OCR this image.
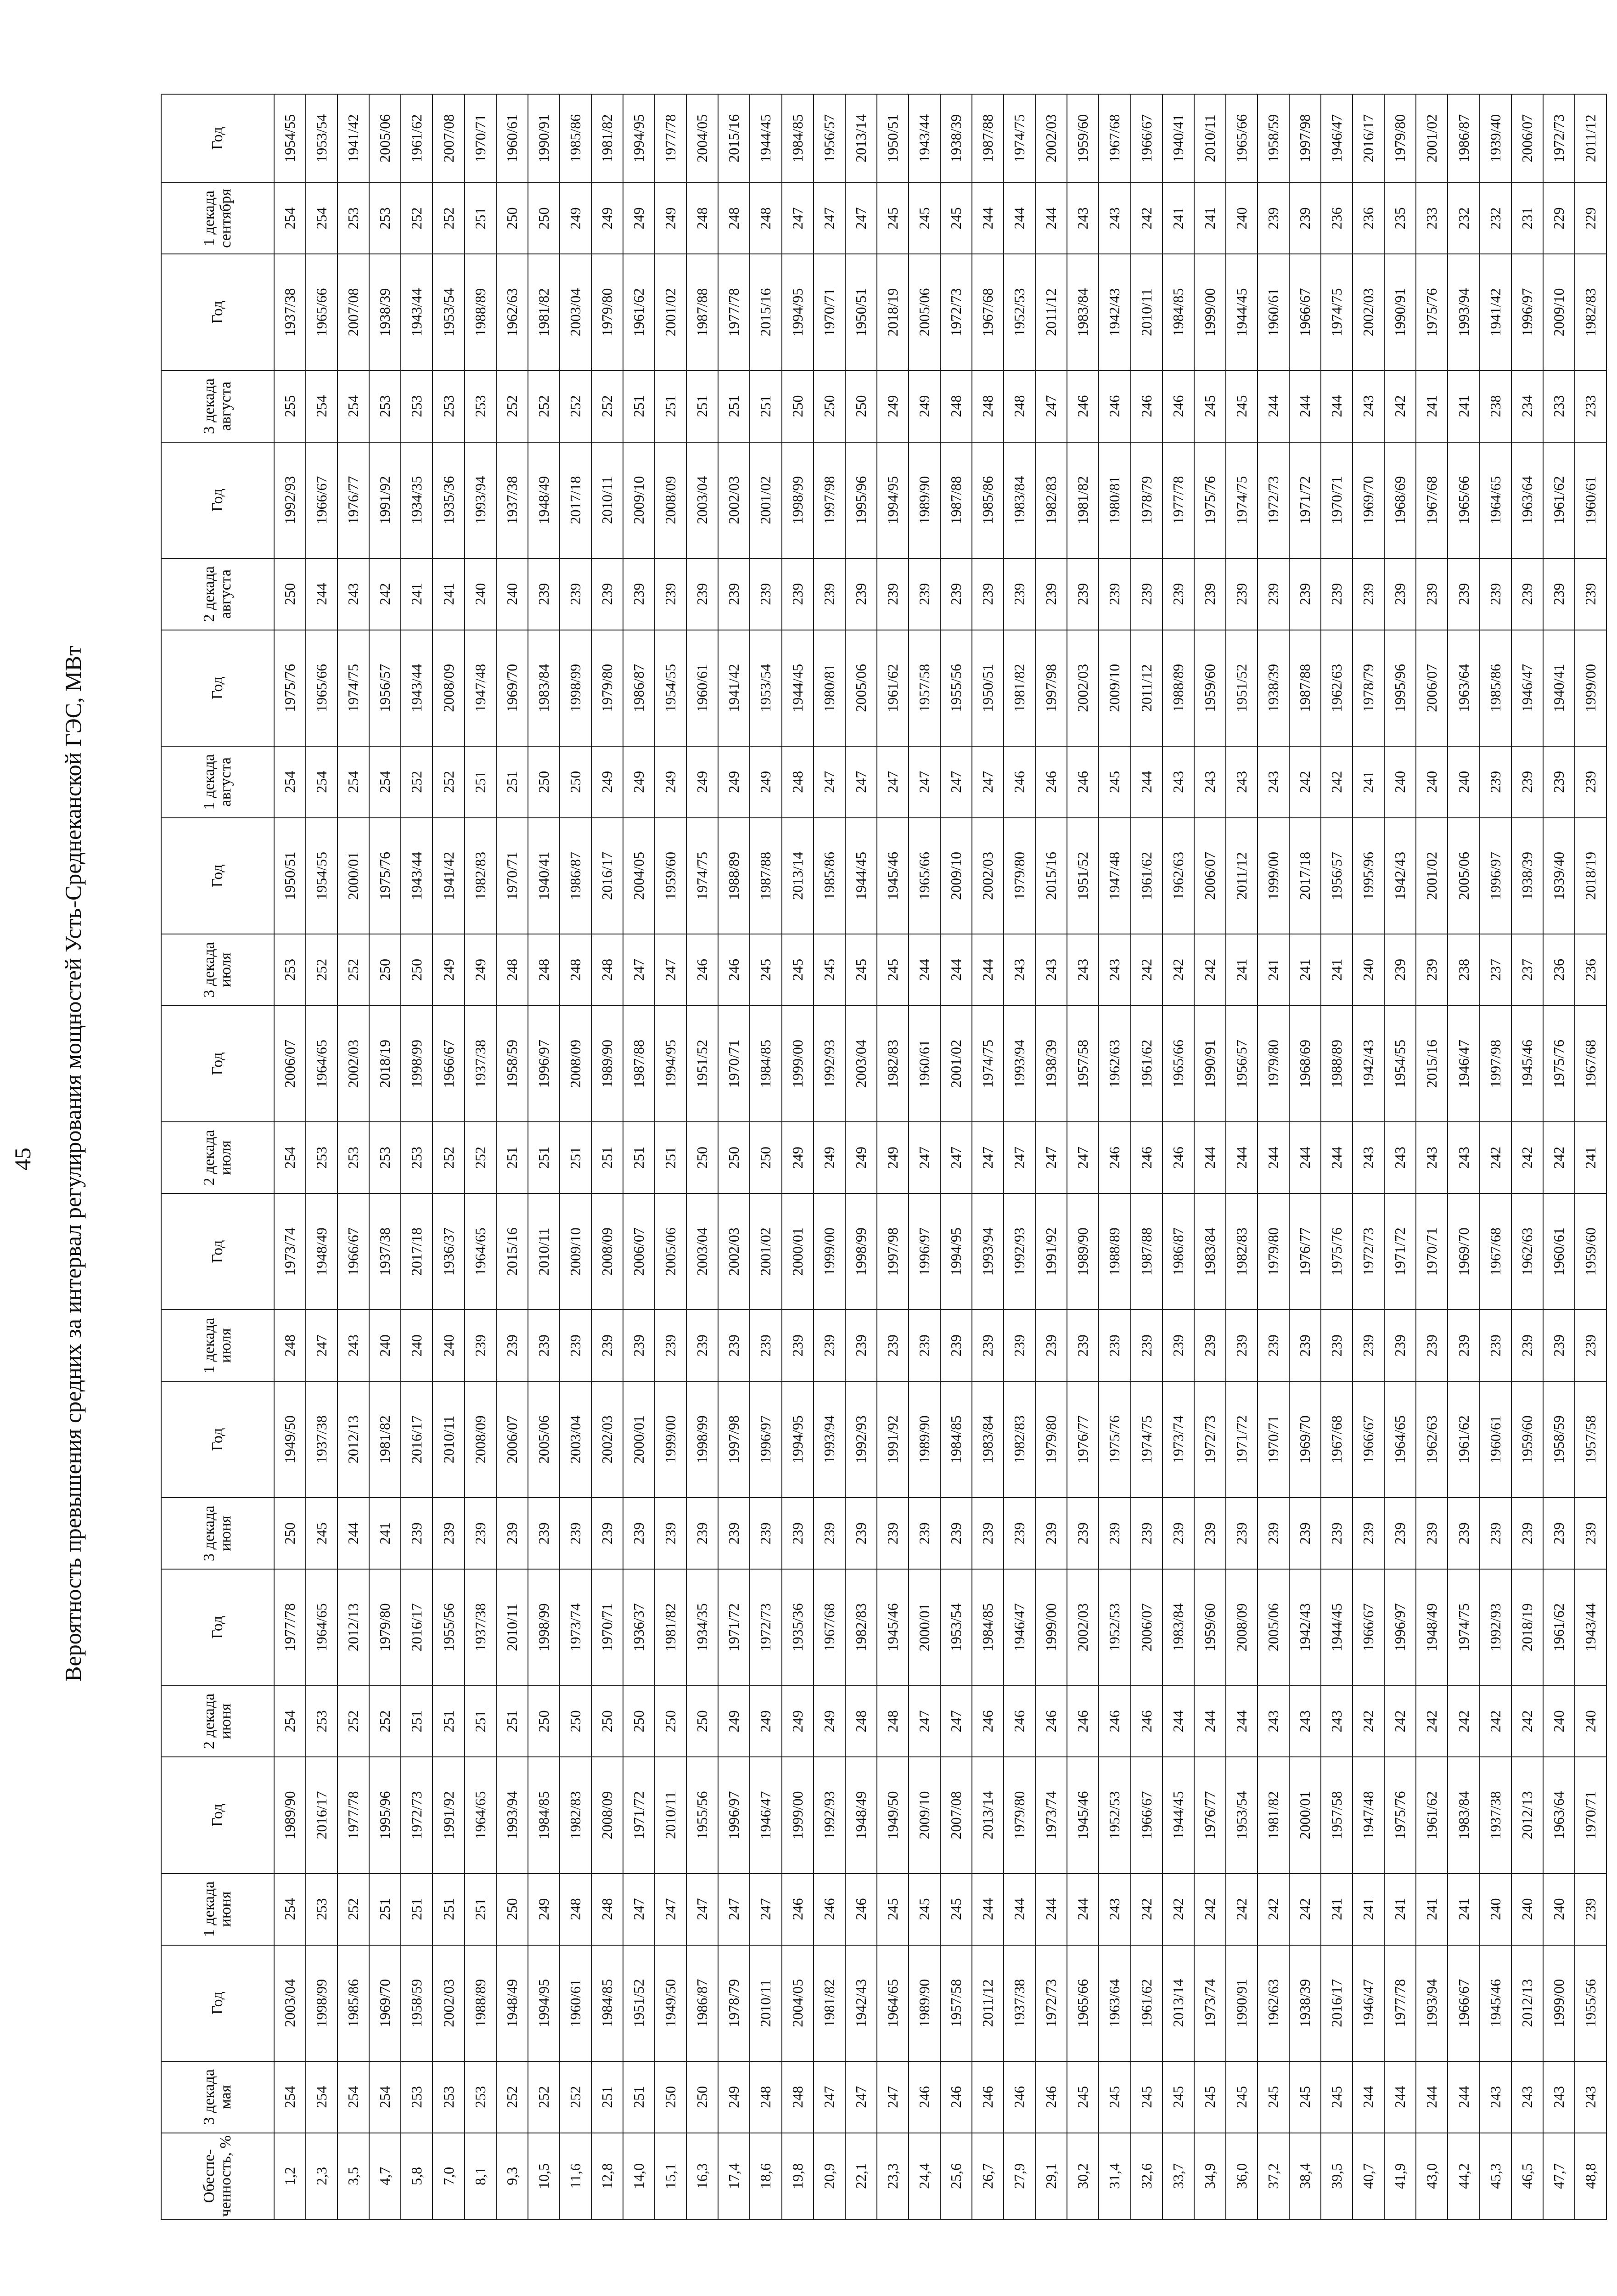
45 Вероятность превышения средних за интервал регулирования мощностей Усть-Среднеканской ГЭС, МВт
Обеспе-ченность, %	3 декада мая	Год	1 декада июня	Год	2 декада июня	Год	3 декада июня	Год	1 декада июля	Год	2 декада июля	Год	3 декада июля	Год	1 декада августа	Год	2 декада августа	Год	3 декада августа	Год	1 декада сентября	Год
1,2	254	2003/04	254	1989/90	254	1977/78	250	1949/50	248	1973/74	254	2006/07	253	1950/51	254	1975/76	250	1992/93	255	1937/38	254	1954/55
2,3	254	1998/99	253	2016/17	253	1964/65	245	1937/38	247	1948/49	253	1964/65	252	1954/55	254	1965/66	244	1966/67	254	1965/66	254	1953/54
3,5	254	1985/86	252	1977/78	252	2012/13	244	2012/13	243	1966/67	253	2002/03	252	2000/01	254	1974/75	243	1976/77	254	2007/08	253	1941/42
4,7	254	1969/70	251	1995/96	252	1979/80	241	1981/82	240	1937/38	253	2018/19	250	1975/76	254	1956/57	242	1991/92	253	1938/39	253	2005/06
5,8	253	1958/59	251	1972/73	251	2016/17	239	2016/17	240	2017/18	253	1998/99	250	1943/44	252	1943/44	241	1934/35	253	1943/44	252	1961/62
7,0	253	2002/03	251	1991/92	251	1955/56	239	2010/11	240	1936/37	252	1966/67	249	1941/42	252	2008/09	241	1935/36	253	1953/54	252	2007/08
8,1	253	1988/89	251	1964/65	251	1937/38	239	2008/09	239	1964/65	252	1937/38	249	1982/83	251	1947/48	240	1993/94	253	1988/89	251	1970/71
9,3	252	1948/49	250	1993/94	251	2010/11	239	2006/07	239	2015/16	251	1958/59	248	1970/71	251	1969/70	240	1937/38	252	1962/63	250	1960/61
10,5	252	1994/95	249	1984/85	250	1998/99	239	2005/06	239	2010/11	251	1996/97	248	1940/41	250	1983/84	239	1948/49	252	1981/82	250	1990/91
11,6	252	1960/61	248	1982/83	250	1973/74	239	2003/04	239	2009/10	251	2008/09	248	1986/87	250	1998/99	239	2017/18	252	2003/04	249	1985/86
12,8	251	1984/85	248	2008/09	250	1970/71	239	2002/03	239	2008/09	251	1989/90	248	2016/17	249	1979/80	239	2010/11	252	1979/80	249	1981/82
14,0	251	1951/52	247	1971/72	250	1936/37	239	2000/01	239	2006/07	251	1987/88	247	2004/05	249	1986/87	239	2009/10	251	1961/62	249	1994/95
15,1	250	1949/50	247	2010/11	250	1981/82	239	1999/00	239	2005/06	251	1994/95	247	1959/60	249	1954/55	239	2008/09	251	2001/02	249	1977/78
16,3	250	1986/87	247	1955/56	250	1934/35	239	1998/99	239	2003/04	250	1951/52	246	1974/75	249	1960/61	239	2003/04	251	1987/88	248	2004/05
17,4	249	1978/79	247	1996/97	249	1971/72	239	1997/98	239	2002/03	250	1970/71	246	1988/89	249	1941/42	239	2002/03	251	1977/78	248	2015/16
18,6	248	2010/11	247	1946/47	249	1972/73	239	1996/97	239	2001/02	250	1984/85	245	1987/88	249	1953/54	239	2001/02	251	2015/16	248	1944/45
19,8	248	2004/05	246	1999/00	249	1935/36	239	1994/95	239	2000/01	249	1999/00	245	2013/14	248	1944/45	239	1998/99	250	1994/95	247	1984/85
20,9	247	1981/82	246	1992/93	249	1967/68	239	1993/94	239	1999/00	249	1992/93	245	1985/86	247	1980/81	239	1997/98	250	1970/71	247	1956/57
22,1	247	1942/43	246	1948/49	248	1982/83	239	1992/93	239	1998/99	249	2003/04	245	1944/45	247	2005/06	239	1995/96	250	1950/51	247	2013/14
23,3	247	1964/65	245	1949/50	248	1945/46	239	1991/92	239	1997/98	249	1982/83	245	1945/46	247	1961/62	239	1994/95	249	2018/19	245	1950/51
24,4	246	1989/90	245	2009/10	247	2000/01	239	1989/90	239	1996/97	247	1960/61	244	1965/66	247	1957/58	239	1989/90	249	2005/06	245	1943/44
25,6	246	1957/58	245	2007/08	247	1953/54	239	1984/85	239	1994/95	247	2001/02	244	2009/10	247	1955/56	239	1987/88	248	1972/73	245	1938/39
26,7	246	2011/12	244	2013/14	246	1984/85	239	1983/84	239	1993/94	247	1974/75	244	2002/03	247	1950/51	239	1985/86	248	1967/68	244	1987/88
27,9	246	1937/38	244	1979/80	246	1946/47	239	1982/83	239	1992/93	247	1993/94	243	1979/80	246	1981/82	239	1983/84	248	1952/53	244	1974/75
29,1	246	1972/73	244	1973/74	246	1999/00	239	1979/80	239	1991/92	247	1938/39	243	2015/16	246	1997/98	239	1982/83	247	2011/12	244	2002/03
30,2	245	1965/66	244	1945/46	246	2002/03	239	1976/77	239	1989/90	247	1957/58	243	1951/52	246	2002/03	239	1981/82	246	1983/84	243	1959/60
31,4	245	1963/64	243	1952/53	246	1952/53	239	1975/76	239	1988/89	246	1962/63	243	1947/48	245	2009/10	239	1980/81	246	1942/43	243	1967/68
32,6	245	1961/62	242	1966/67	246	2006/07	239	1974/75	239	1987/88	246	1961/62	242	1961/62	244	2011/12	239	1978/79	246	2010/11	242	1966/67
33,7	245	2013/14	242	1944/45	244	1983/84	239	1973/74	239	1986/87	246	1965/66	242	1962/63	243	1988/89	239	1977/78	246	1984/85	241	1940/41
34,9	245	1973/74	242	1976/77	244	1959/60	239	1972/73	239	1983/84	244	1990/91	242	2006/07	243	1959/60	239	1975/76	245	1999/00	241	2010/11
36,0	245	1990/91	242	1953/54	244	2008/09	239	1971/72	239	1982/83	244	1956/57	241	2011/12	243	1951/52	239	1974/75	245	1944/45	240	1965/66
37,2	245	1962/63	242	1981/82	243	2005/06	239	1970/71	239	1979/80	244	1979/80	241	1999/00	243	1938/39	239	1972/73	244	1960/61	239	1958/59
38,4	245	1938/39	242	2000/01	243	1942/43	239	1969/70	239	1976/77	244	1968/69	241	2017/18	242	1987/88	239	1971/72	244	1966/67	239	1997/98
39,5	245	2016/17	241	1957/58	243	1944/45	239	1967/68	239	1975/76	244	1988/89	241	1956/57	242	1962/63	239	1970/71	244	1974/75	236	1946/47
40,7	244	1946/47	241	1947/48	242	1966/67	239	1966/67	239	1972/73	243	1942/43	240	1995/96	241	1978/79	239	1969/70	243	2002/03	236	2016/17
41,9	244	1977/78	241	1975/76	242	1996/97	239	1964/65	239	1971/72	243	1954/55	239	1942/43	240	1995/96	239	1968/69	242	1990/91	235	1979/80
43,0	244	1993/94	241	1961/62	242	1948/49	239	1962/63	239	1970/71	243	2015/16	239	2001/02	240	2006/07	239	1967/68	241	1975/76	233	2001/02
44,2	244	1966/67	241	1983/84	242	1974/75	239	1961/62	239	1969/70	243	1946/47	238	2005/06	240	1963/64	239	1965/66	241	1993/94	232	1986/87
45,3	243	1945/46	240	1937/38	242	1992/93	239	1960/61	239	1967/68	242	1997/98	237	1996/97	239	1985/86	239	1964/65	238	1941/42	232	1939/40
46,5	243	2012/13	240	2012/13	242	2018/19	239	1959/60	239	1962/63	242	1945/46	237	1938/39	239	1946/47	239	1963/64	234	1996/97	231	2006/07
47,7	243	1999/00	240	1963/64	240	1961/62	239	1958/59	239	1960/61	242	1975/76	236	1939/40	239	1940/41	239	1961/62	233	2009/10	229	1972/73
48,8	243	1955/56	239	1970/71	240	1943/44	239	1957/58	239	1959/60	241	1967/68	236	2018/19	239	1999/00	239	1960/61	233	1982/83	229	2011/12
